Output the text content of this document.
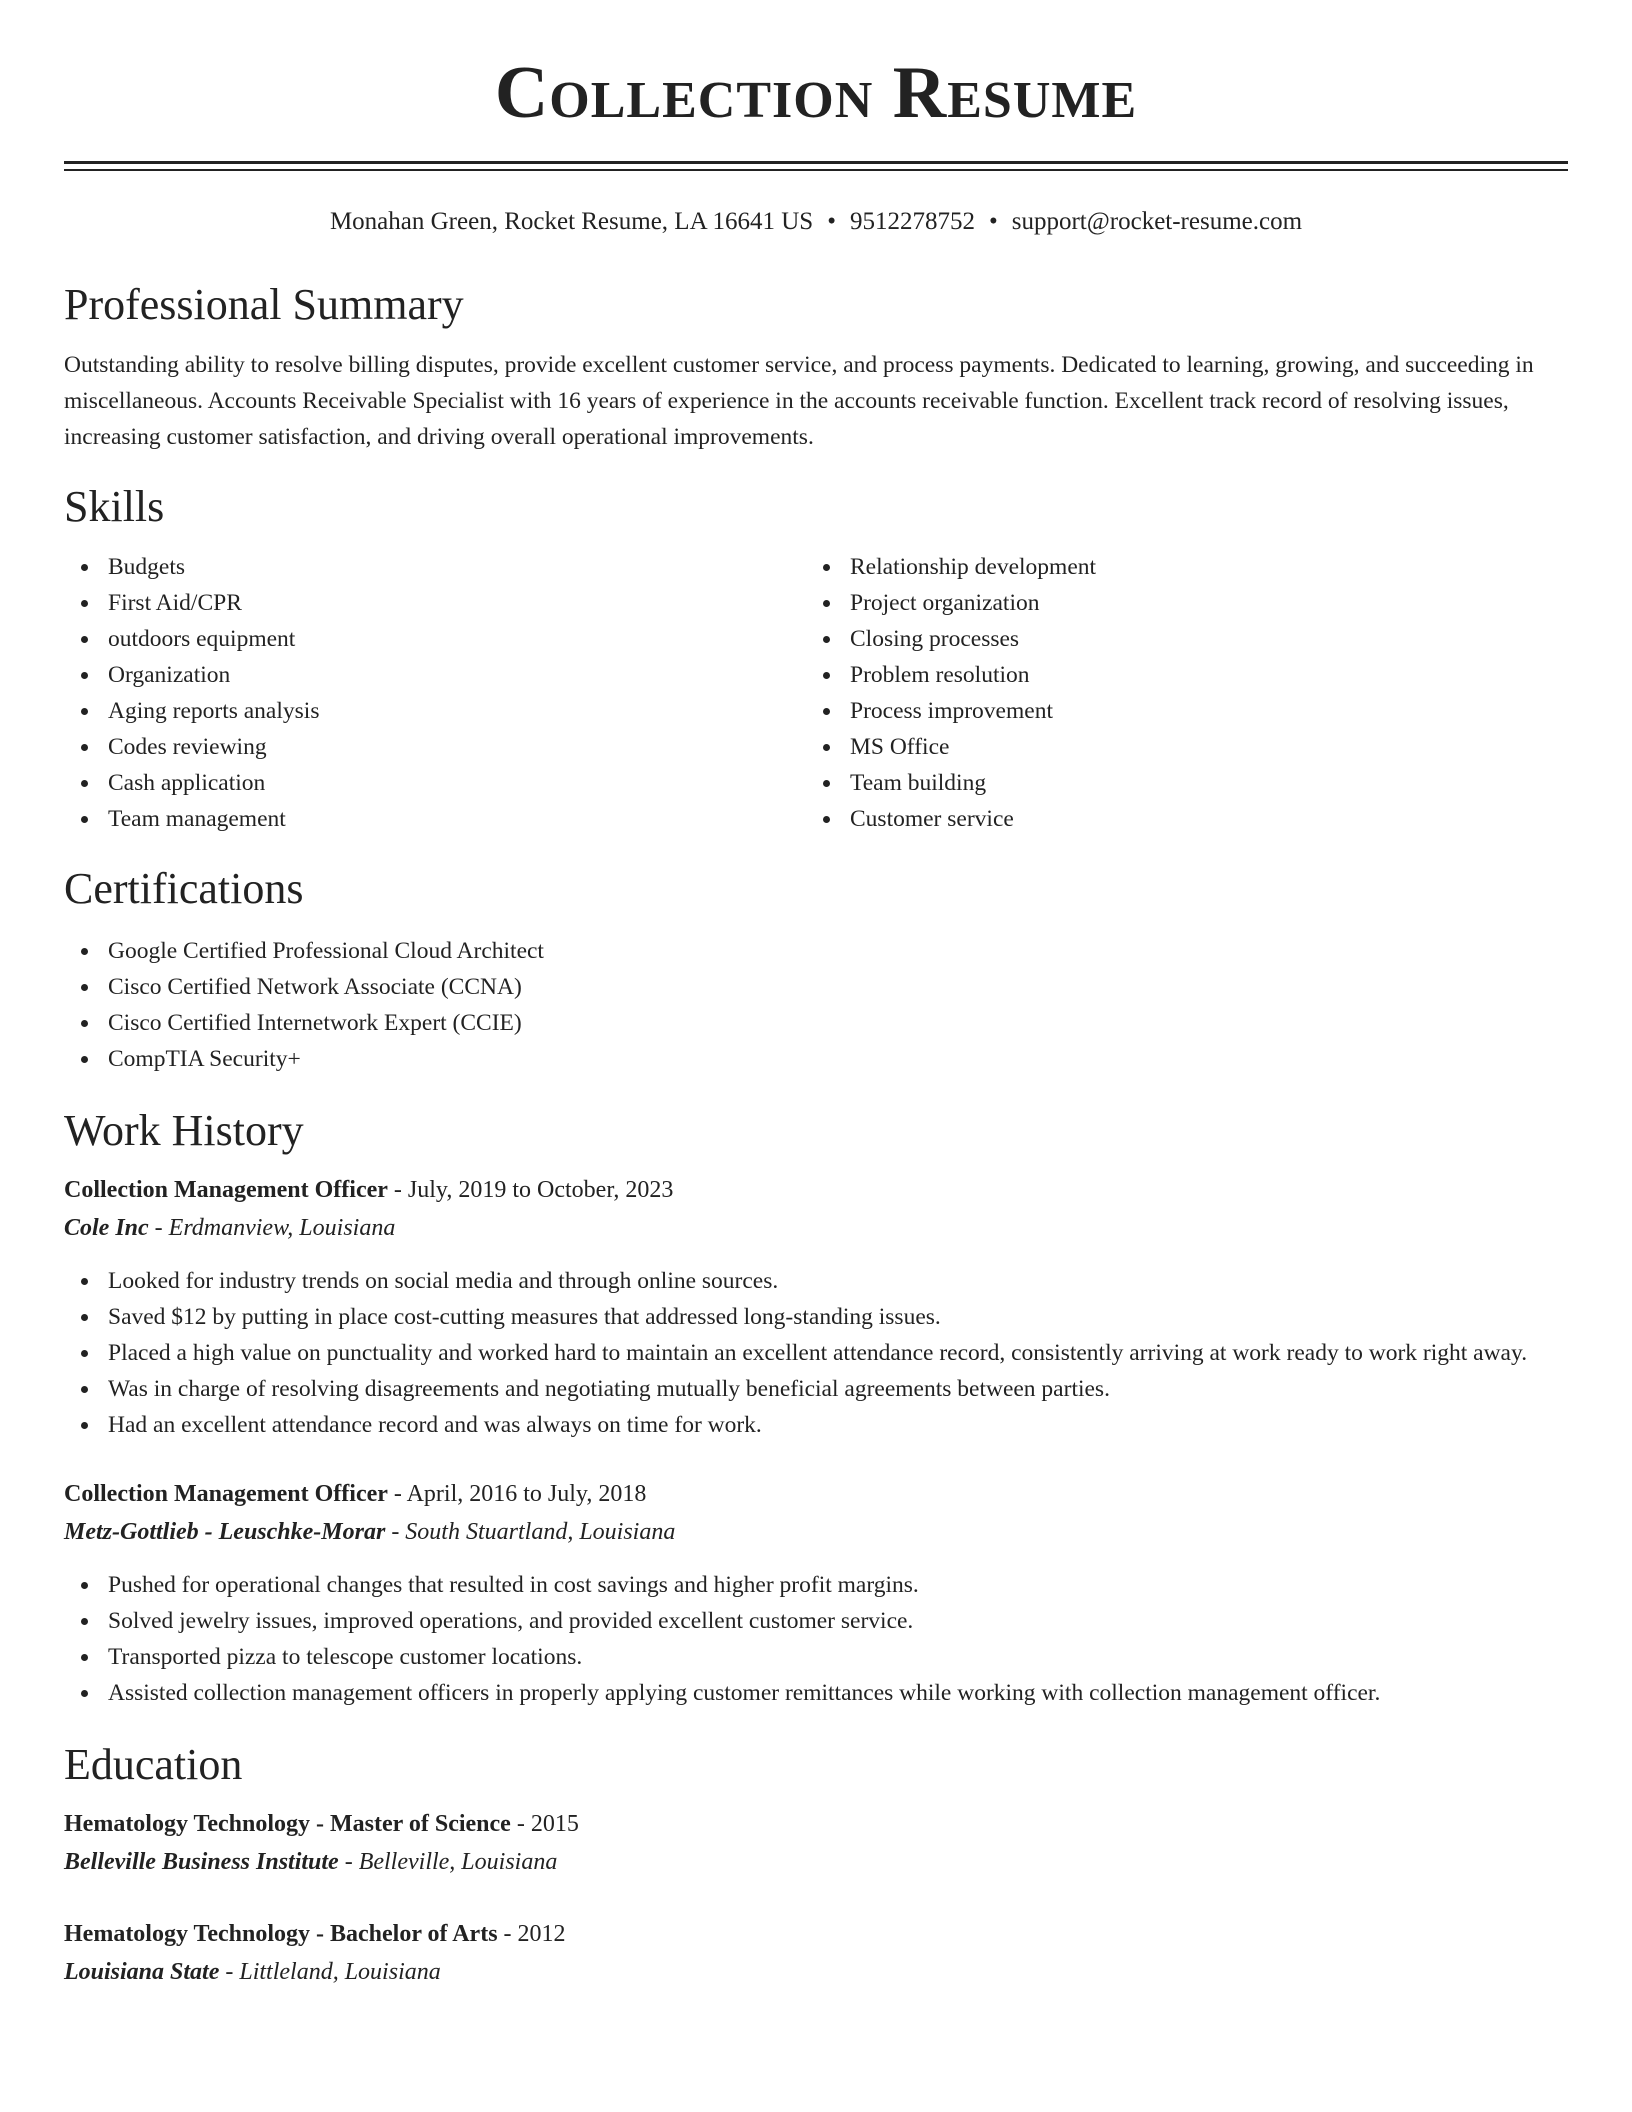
Collection Resume
Monahan Green, Rocket Resume, LA 16641 US • 9512278752 • support@rocket-resume.com
Professional Summary

Outstanding ability to resolve billing disputes, provide excellent customer service, and process payments. Dedicated to learning, growing, and succeeding in miscellaneous. Accounts Receivable Specialist with 16 years of experience in the accounts receivable function. Excellent track record of resolving issues, increasing customer satisfaction, and driving overall operational improvements.

Skills
Budgets
First Aid/CPR
outdoors equipment
Organization
Aging reports analysis
Codes reviewing
Cash application
Team management
Relationship development
Project organization
Closing processes
Problem resolution
Process improvement
MS Office
Team building
Customer service
Certifications
Google Certified Professional Cloud Architect
Cisco Certified Network Associate (CCNA)
Cisco Certified Internetwork Expert (CCIE)
CompTIA Security+
Work History
Collection Management Officer - July, 2019 to October, 2023
Cole Inc - Erdmanview, Louisiana
Looked for industry trends on social media and through online sources.
Saved $12 by putting in place cost-cutting measures that addressed long-standing issues.
Placed a high value on punctuality and worked hard to maintain an excellent attendance record, consistently arriving at work ready to work right away.
Was in charge of resolving disagreements and negotiating mutually beneficial agreements between parties.
Had an excellent attendance record and was always on time for work.
Collection Management Officer - April, 2016 to July, 2018
Metz-Gottlieb - Leuschke-Morar - South Stuartland, Louisiana
Pushed for operational changes that resulted in cost savings and higher profit margins.
Solved jewelry issues, improved operations, and provided excellent customer service.
Transported pizza to telescope customer locations.
Assisted collection management officers in properly applying customer remittances while working with collection management officer.
Education
Hematology Technology - Master of Science - 2015
Belleville Business Institute - Belleville, Louisiana
Hematology Technology - Bachelor of Arts - 2012
Louisiana State - Littleland, Louisiana
